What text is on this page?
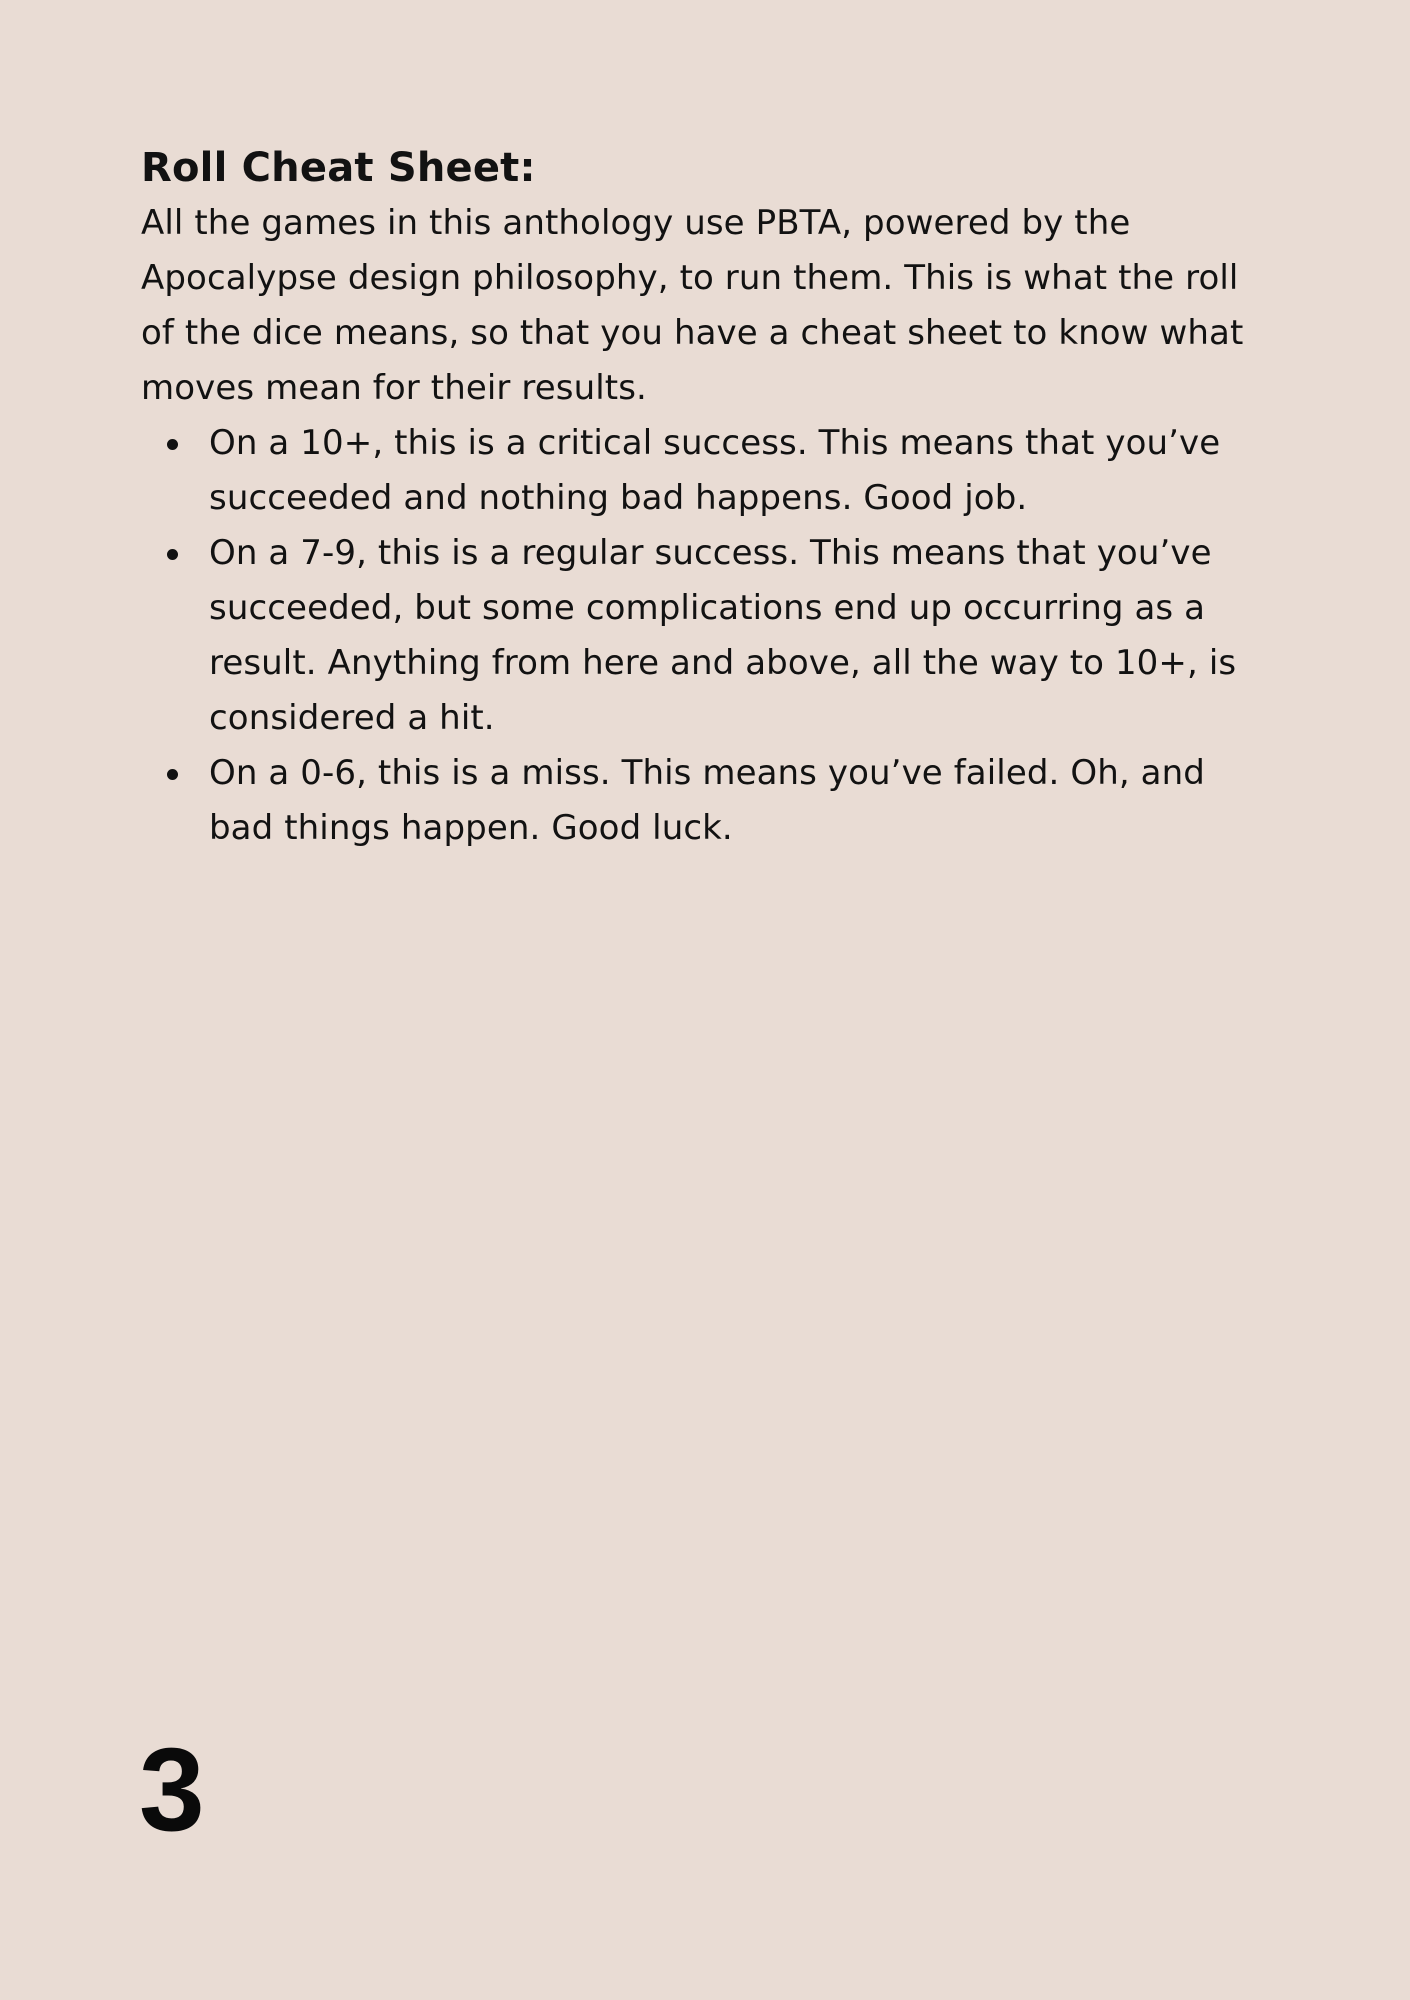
Roll Cheat Sheet:

All the games in this anthology use PBTA, powered by the Apocalypse design philosophy, to run them. This is what the roll of the dice means, so that you have a cheat sheet to know what moves mean for their results.

On a 10+, this is a critical success. This means that you’ve succeeded and nothing bad happens. Good job.
On a 7-9, this is a regular success. This means that you’ve succeeded, but some complications end up occurring as a result. Anything from here and above, all the way to 10+, is considered a hit.
On a 0-6, this is a miss. This means you’ve failed. Oh, and bad things happen. Good luck.
3
